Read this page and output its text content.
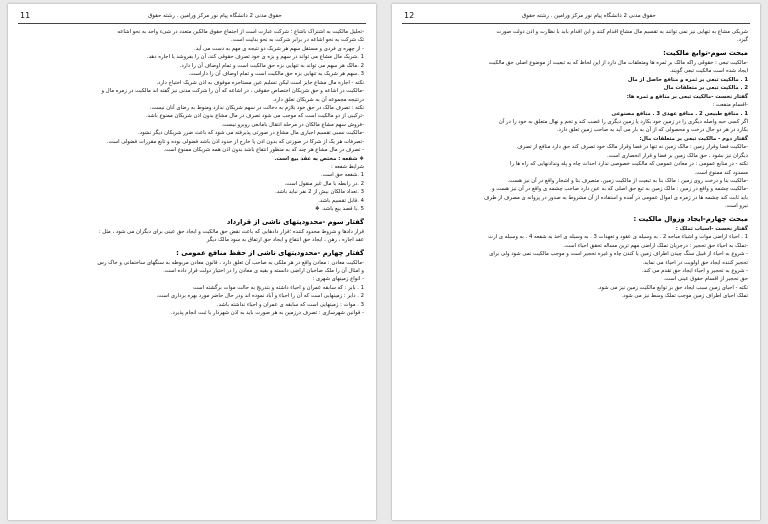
حقوق مدنی 2 دانشگاه پیام نور مرکز ورامین . رشته حقوق
11
-تحلیل مالکیت به اشتراک باشاع ؛ شرکت عبارت است از اجتماع حقوق مالکین متعدد در شیء واحد به نحو اشاعه
تک شرکت به نحو اشاعه در برابر شرکت به نحو بدلیت است.
- از چهره ی فردی و مستقل سهم هر شریک دو نتیجه ی مهم به دست می آید.
1 .شریک مال مشاع می تواند در سهم و بزه ی خود تصرف حقوقی کند، آن را بفروشد یا اجاره دهد.
2 .مالک هر سهم می تواند به تنهایی بزه حق مالکیت است و تمام اوصاف آن را دارد.
3 .سهم هر شریک به تنهایی بزه حق مالکیت است و تمام اوصاف آن را داراست.
نکته - اجاره مال مشاع جایز است لیکن تسلیم عین مستاجره موقوف به اذن شریک احتیاج دارد.
-مالکیت در اشاعه و حق شریکان اختصاص حقوقی ، در اشاعه که آن را شرکت مدنی نیز گفته اند مالکیت در زمره مال و
درنتیجه مجموعه آن به شریکان تعلق دارد.
نکته : تصرف مالک در حق خود بلازم به دخالت در سهم شریکان ندارد ومنوط به رضای آنان نیست.
-ترکیبی از دو مالکیت است که موجب می شود تصرف در مال مشاع بدون اذن شریکان ممنوع باشد.
-فروش سهم مشاع مالکان در مرحله انتقال بامانعی روبرو نیست.
-مالکیت نسبی تقسیم اجباری مال مشاع در صورتی پذیرفته می شود که باعث ضرر شریکان دیگر نشود.
-تصرفات هر یک از شرکا در صورتی که بدون اذن یا خارج از حدود اذن باشد فضولی بوده و تابع مقررات فضولی است.
- تصرف در مال مشاع هر چند که به منظور انتفاع باشد بدون اذن همه شریکان ممنوع است.
❖ شفعه : مختص به عقد بیع است.
شرایط شفعه :
1 .شفعه حق است.
2 .در رابطه با مال غیر منقول است.
3 .تعداد مالکان بیش از 2 نفر نباید باشد.
4 .قابل تقسیم باشد.
5 .با قصد بیع باشد. ❖
گفتار سوم -محدودیتهای ناشی از قرارداد
قرار دادها و شروط محدود کننده ؛قرار دادهایی که باعث نقض حق مالکیت و ایجاد حق عینی برای دیگران می شود ، مثل :
عقد اجاره ، رهن ، ایجاد حق انتفاع و ایجاد حق ارتفاق به سود مالک دیگر
گفتار چهارم -محدودیتهای ناشی از حفظ منافع عمومی :
-مالکیت معادن : معادن واقع در هر ملکی به صاحب آن تعلق دارد ، قانون معادن مربوطه به سنگهای ساختمانی و خاک رس
و امثال آن را ملک صاحبان اراضی دانسته و بقیه ی معادن را در اختیار دولت قرار داده است.
- انواع زمینهای شهری :
1 . بایر : که سابقه عمران و احیاء داشته و بتدریج به حالت موات برگشته است
2 . دایر : زمینهایی است که آن را احیاء و آباد نموده اند ودر حال حاضر مورد بهره برداری است.
3 . موات : زمینهایی است که سابقه ی عمران و احیاء نداشته باشد.
- قوانین شهرسازی : تصرف درزمین به هر صورت باید به اذن شهردار یا ثبت انجام پذیرد.
حقوق مدنی 2 دانشگاه پیام نور مرکز ورامین . رشته حقوق
12
شریکی مشاع به تنهایی نیز نمی توانند به تقسیم مال مشاع اقدام کنند و این اقدام باید با نظارت و اذن دولت صورت
گیرد.
مبحث سوم-توابع مالکیت:
-مالکیت تبعی : حقوقی راکه مالک بر ثمره ها ومتعلقات مال دارد از این لحاظ که به تبعیت از موضوع اصلی حق مالکیت
ایجاد شده است مالکیت تبعی گویند.
1 . مالکیت تبعی بر ثمره و منافع حاصل از مال
2 . مالکیت تبعی بر متعلقات مال
گفتار نخست -مالکیت تبعی بر منافع و ثمره ها:
-اقسام منفعت :
1 . منافع طبیعی 2 . منافع عهدی 3 . منافع مصنوعی
اگر کسی حیه واصله دیگری را در زمین خود بکارد یا زمین دیگری را غصب کند و تخم و نهال متعلق به خود را در آن
بکارد در هر دو حال درخت و محصولی که از آن به بار می آید به صاحب زمین تعلق دارد.
گفتار دوم - مالکیت تبعی بر متعلقات مال:
-مالکیت فضا وقرار زمین : مالک زمین نه تنها در فضا وقرار مالک خود تصرف کند حق دارد منافع از تصرف
دیگران نیز بشود ، حق مالک زمین بر فضا و قرار انحصاری است.
نکته - در منابع عمومی : در معادن عمومی که مالکیت خصوصی ندارد احداث چاه و پله وندادنهایی که راه ها را
مسدود کند ممنوع است.
-مالکیت بنا و درخت روی زمین : مالک بنا به تبعیت از مالکیت زمین، متصرف بنا و اشجار واقع در آن نیز هست.
-مالکیت چشمه و واقع در زمین : مالک زمین به تبع حق اصلی که به عین دارد صاحب چشمه ی واقع در آن نیز هست و
باید ثابت کند چشمه ها در زمره ی اموال عمومی در آمده و استفاده از آن مشروط به صدور در پروانه ی مصرف از طرف
نیرو است.
مبحث چهارم-ایجاد وزوال مالکیت :
گفتار نخست -اسباب تملک :
1 . احیاء اراضی موات و اشیاء مباحه 2 . به وسیله ی عقود و تعهدات 3 . به وسیله ی اخذ به شفعه 4 . به وسیله ی ارث
-تملک به احیاء حق تحجیر : درجریان تملک اراضی مهم ترین مساله تحقق احیاء است.
- شروع به احیاء از قبیل سنگ چیدن اطراف زمین یا کندن چاه و غیره تحجیر است و موجب مالکیت نمی شود ولی برای
تحجیر کننده ایجاد حق اولویت در احیاء می نماید.
- شروع به تحجیر و احیاء ایجاد حق تقدم می کند.
حق تحجیر از اقسام حقوق عینی است.
نکته - احیای زمین سبب ایجاد حق بر توابع مالکیت زمین نیز می شود.
تملک احیای اطراف زمین موجب تملک وسط نیز می شود.
